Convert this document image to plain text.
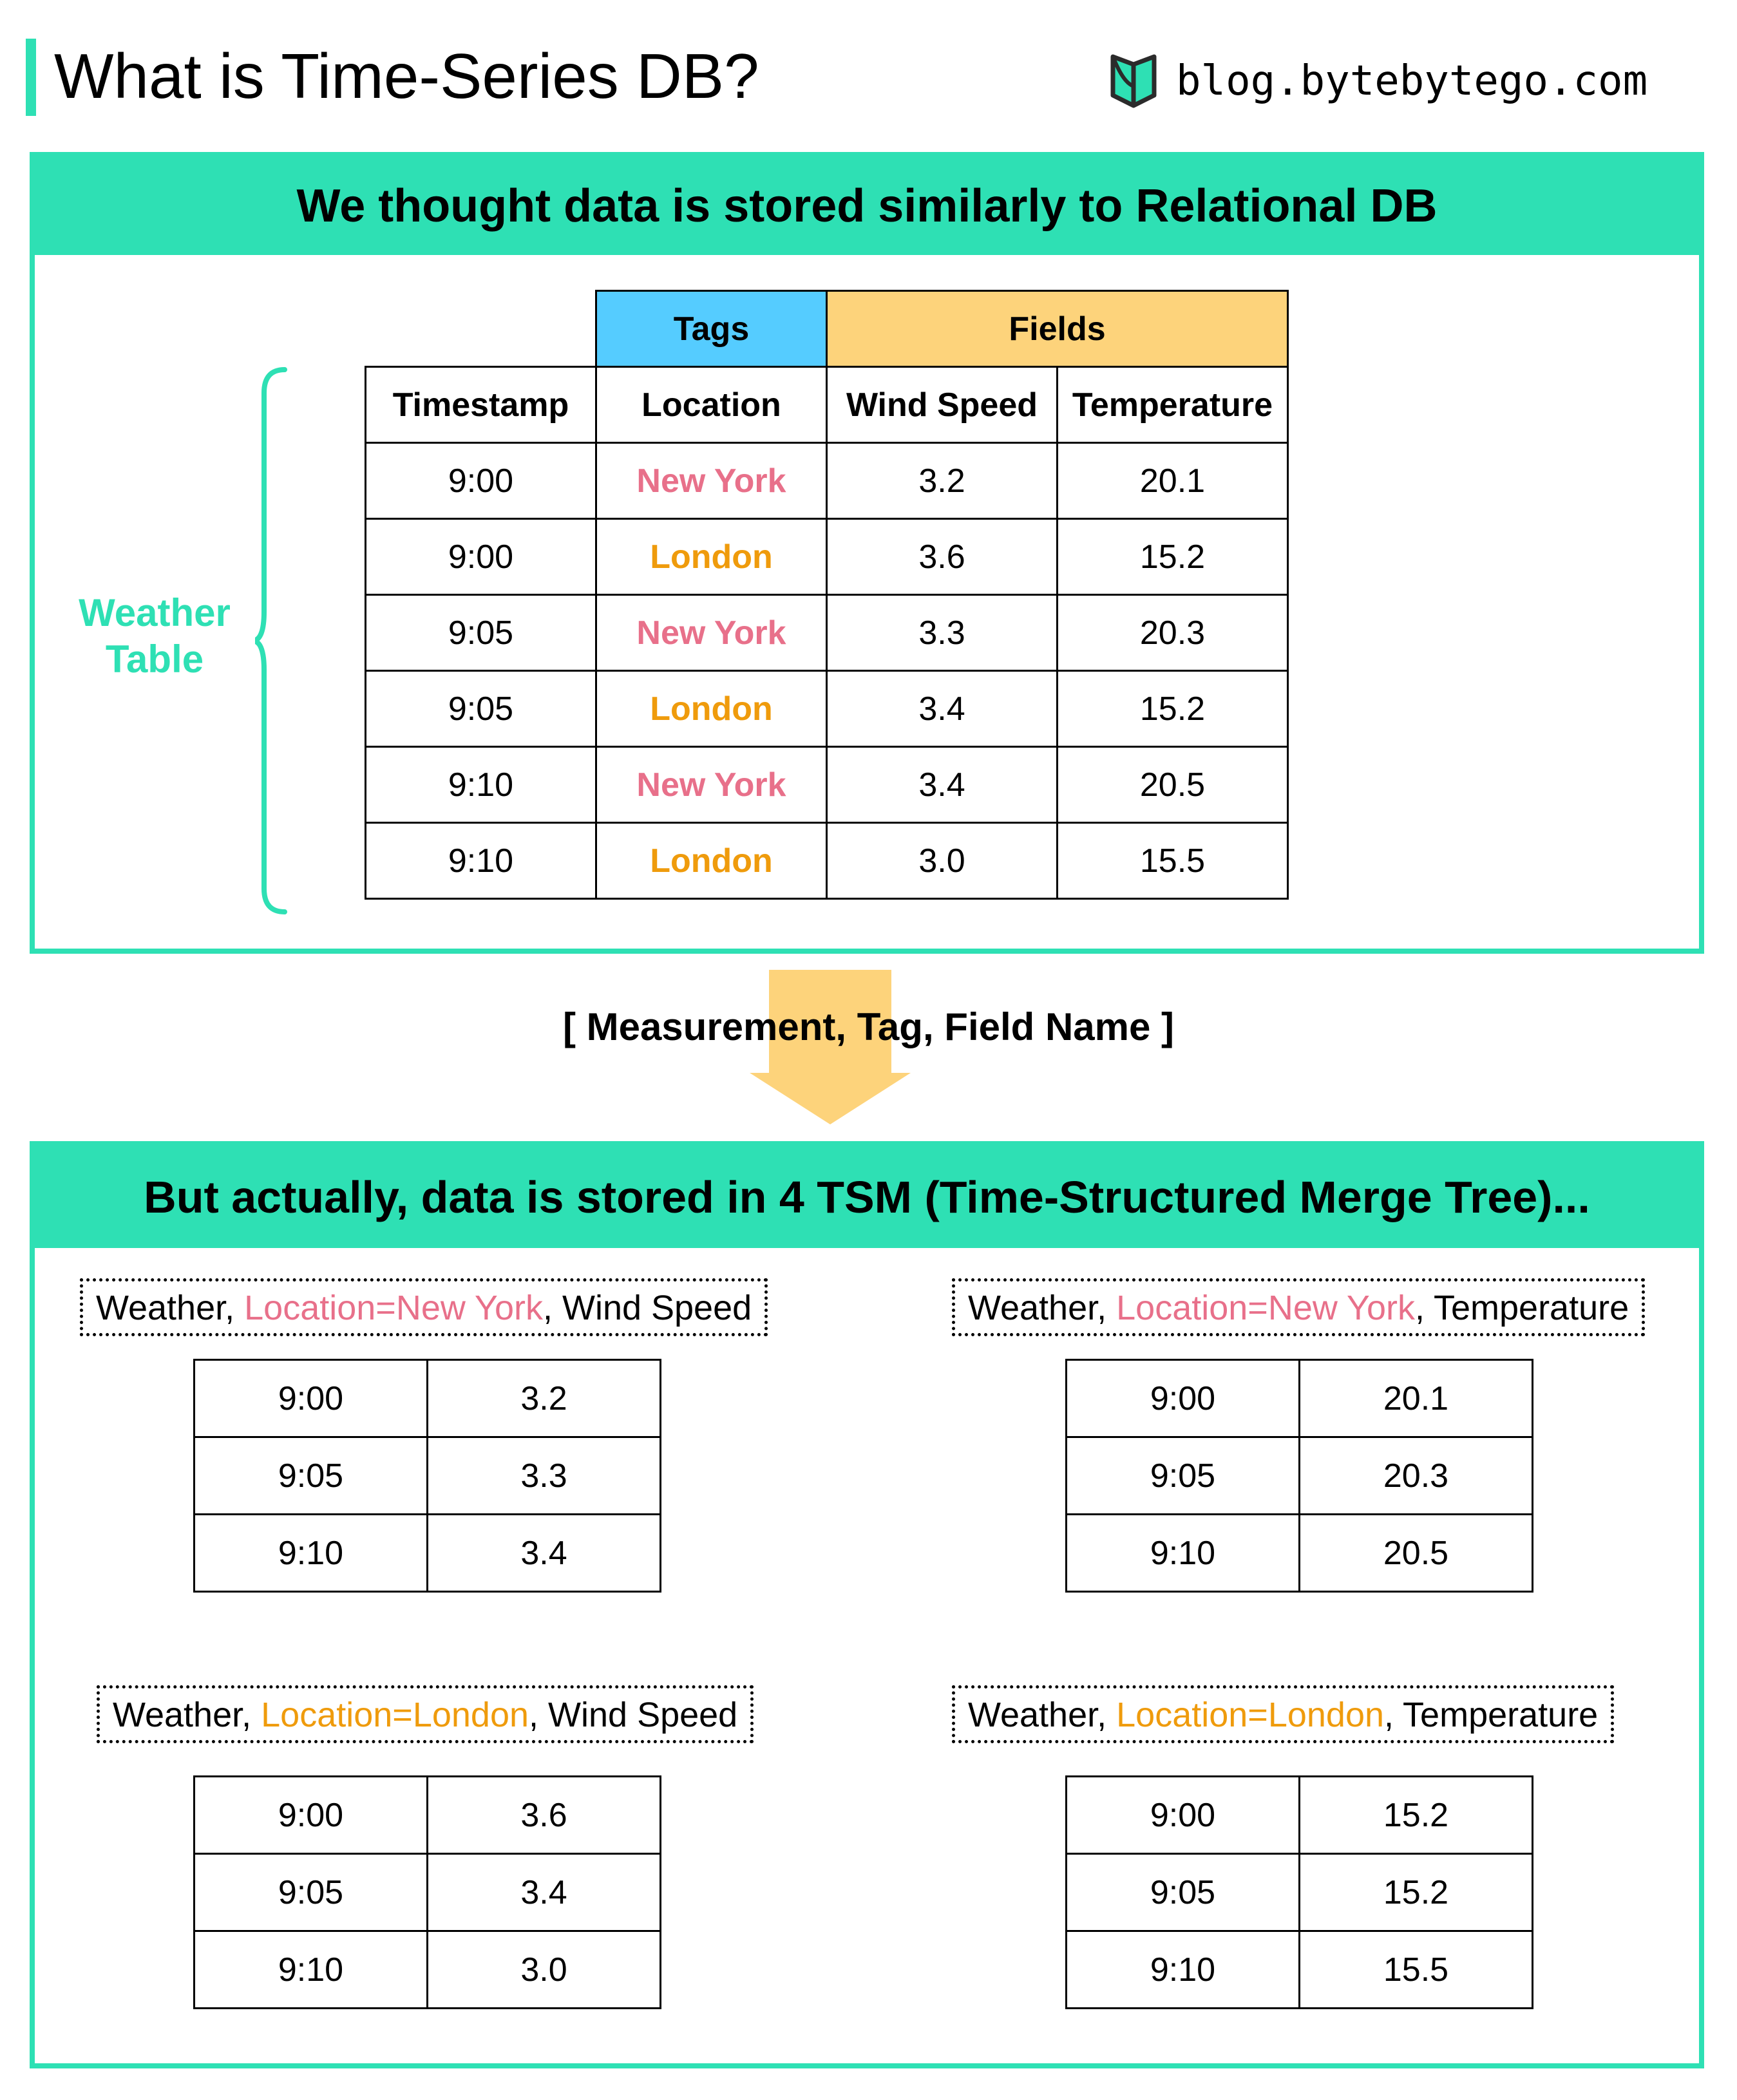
What is Time-Series DB?	blog.bytebytego.com
We thought data is stored similarly to Relational DB
Weather
Table
	Tags	Fields	
Timestamp	Location	Wind Speed	Temperature
9:00	New York	3.2	20.1
9:00	London	3.6	15.2
9:05	New York	3.3	20.3
9:05	London	3.4	15.2
9:10	New York	3.4	20.5
9:10	London	3.0	15.5
[ Measurement, Tag, Field Name ]
But actually, data is stored in 4 TSM (Time-Structured Merge Tree)...
Weather, Location=New York, Wind Speed
9:00	3.2
9:05	3.3
9:10	3.4
Weather, Location=New York, Temperature
9:00	20.1
9:05	20.3
9:10	20.5
Weather, Location=London, Wind Speed
9:00	3.6
9:05	3.4
9:10	3.0
Weather, Location=London, Temperature
9:00	15.2
9:05	15.2
9:10	15.5
